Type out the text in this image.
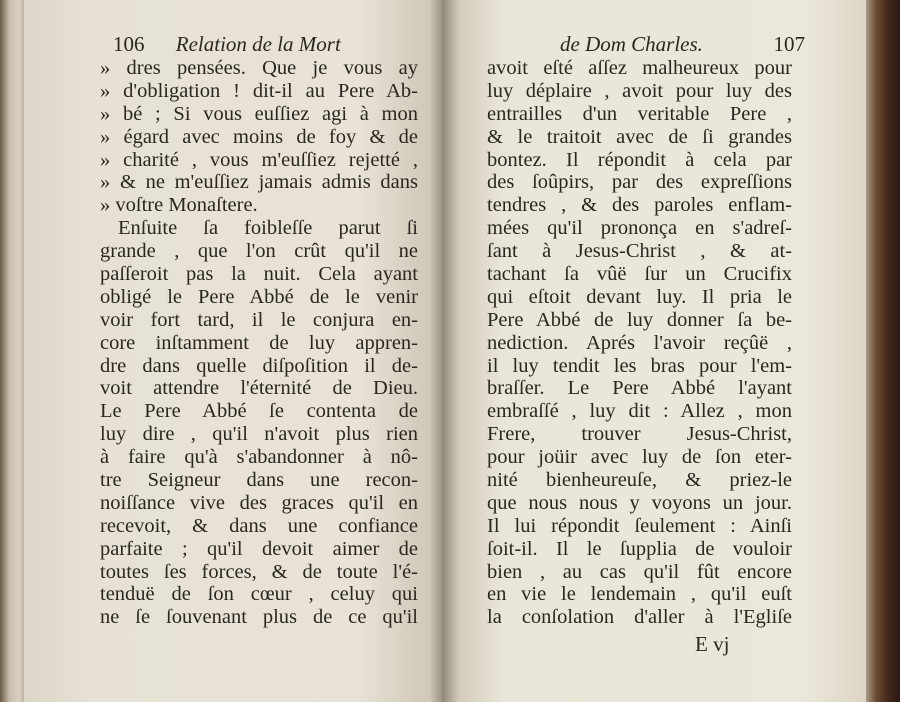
106 Relation de la Mort	de Dom Charles.	107
» dres pensées. Que je vous ay
» d'obligation ! dit-il au Pere Ab-
» bé ; Si vous euſſiez agi à mon
» égard avec moins de foy & de
» charité , vous m'euſſiez rejetté ,
» & ne m'euſſiez jamais admis dans
» voſtre Monaſtere.
Enſuite ſa foibleſſe parut ſi
grande , que l'on crût qu'il ne
paſſeroit pas la nuit. Cela ayant
obligé le Pere Abbé de le venir
voir fort tard, il le conjura en-
core inſtamment de luy appren-
dre dans quelle diſpoſition il de-
voit attendre l'éternité de Dieu.
Le Pere Abbé ſe contenta de
luy dire , qu'il n'avoit plus rien
à faire qu'à s'abandonner à nô-
tre Seigneur dans une recon-
noiſſance vive des graces qu'il en
recevoit, & dans une confiance
parfaite ; qu'il devoit aimer de
toutes ſes forces, & de toute l'é-
tenduë de ſon cœur , celuy qui
ne ſe ſouvenant plus de ce qu'il
avoit eſté aſſez malheureux pour
luy déplaire , avoit pour luy des
entrailles d'un veritable Pere ,
& le traitoit avec de ſi grandes
bontez. Il répondit à cela par
des ſoûpirs, par des expreſſions
tendres , & des paroles enflam-
mées qu'il prononça en s'adreſ-
ſant à Jesus-Christ , & at-
tachant ſa vûë ſur un Crucifix
qui eſtoit devant luy. Il pria le
Pere Abbé de luy donner ſa be-
nediction. Aprés l'avoir reçûë ,
il luy tendit les bras pour l'em-
braſſer. Le Pere Abbé l'ayant
embraſſé , luy dit : Allez , mon
Frere, trouver Jesus-Christ,
pour joüir avec luy de ſon eter-
nité bienheureuſe, & priez-le
que nous nous y voyons un jour.
Il lui répondit ſeulement : Ainſi
ſoit-il. Il le ſupplia de vouloir
bien , au cas qu'il fût encore
en vie le lendemain , qu'il euſt
la conſolation d'aller à l'Egliſe
E vj
